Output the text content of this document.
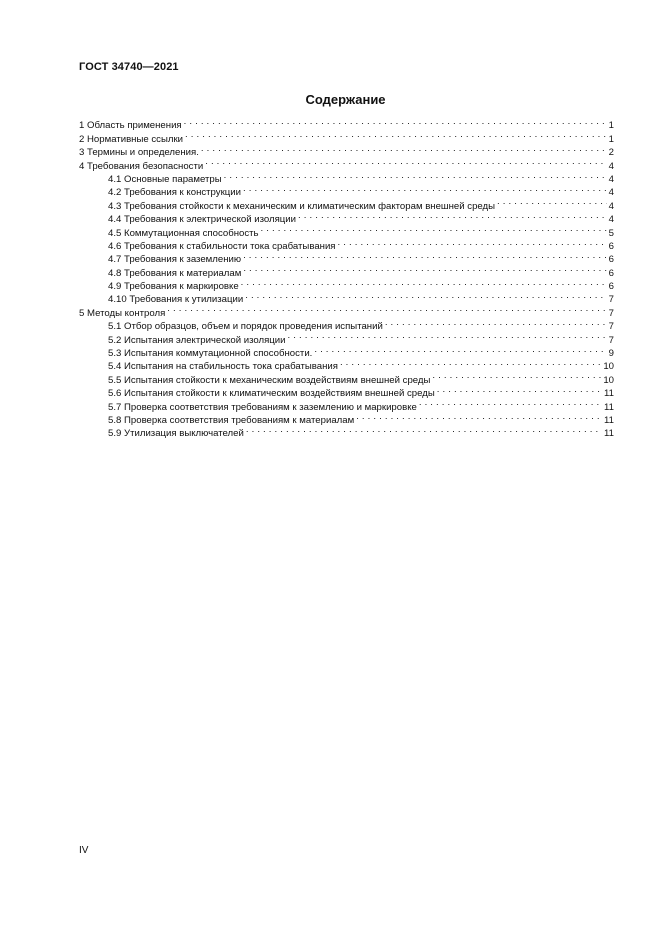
ГОСТ 34740—2021
Содержание
1 Область применения . . .	1
2 Нормативные ссылки . . .	1
3 Термины и определения. . . .	2
4 Требования безопасности . . .	4
4.1 Основные параметры . . .	4
4.2 Требования к конструкции . . .	4
4.3 Требования стойкости к механическим и климатическим факторам внешней среды . . .	4
4.4 Требования к электрической изоляции . . .	4
4.5 Коммутационная способность . . .	5
4.6 Требования к стабильности тока срабатывания . . .	6
4.7 Требования к заземлению . . .	6
4.8 Требования к материалам . . .	6
4.9 Требования к маркировке . . .	6
4.10 Требования к утилизации . . .	7
5 Методы контроля . . .	7
5.1 Отбор образцов, объем и порядок проведения испытаний . . .	7
5.2 Испытания электрической изоляции . . .	7
5.3 Испытания коммутационной способности. . . .	9
5.4 Испытания на стабильность тока срабатывания . . .	10
5.5 Испытания стойкости к механическим воздействиям внешней среды . . .	10
5.6 Испытания стойкости к климатическим воздействиям внешней среды . . .	11
5.7 Проверка соответствия требованиям к заземлению и маркировке . . .	11
5.8 Проверка соответствия требованиям к материалам . . .	11
5.9 Утилизация выключателей . . .	11
IV
